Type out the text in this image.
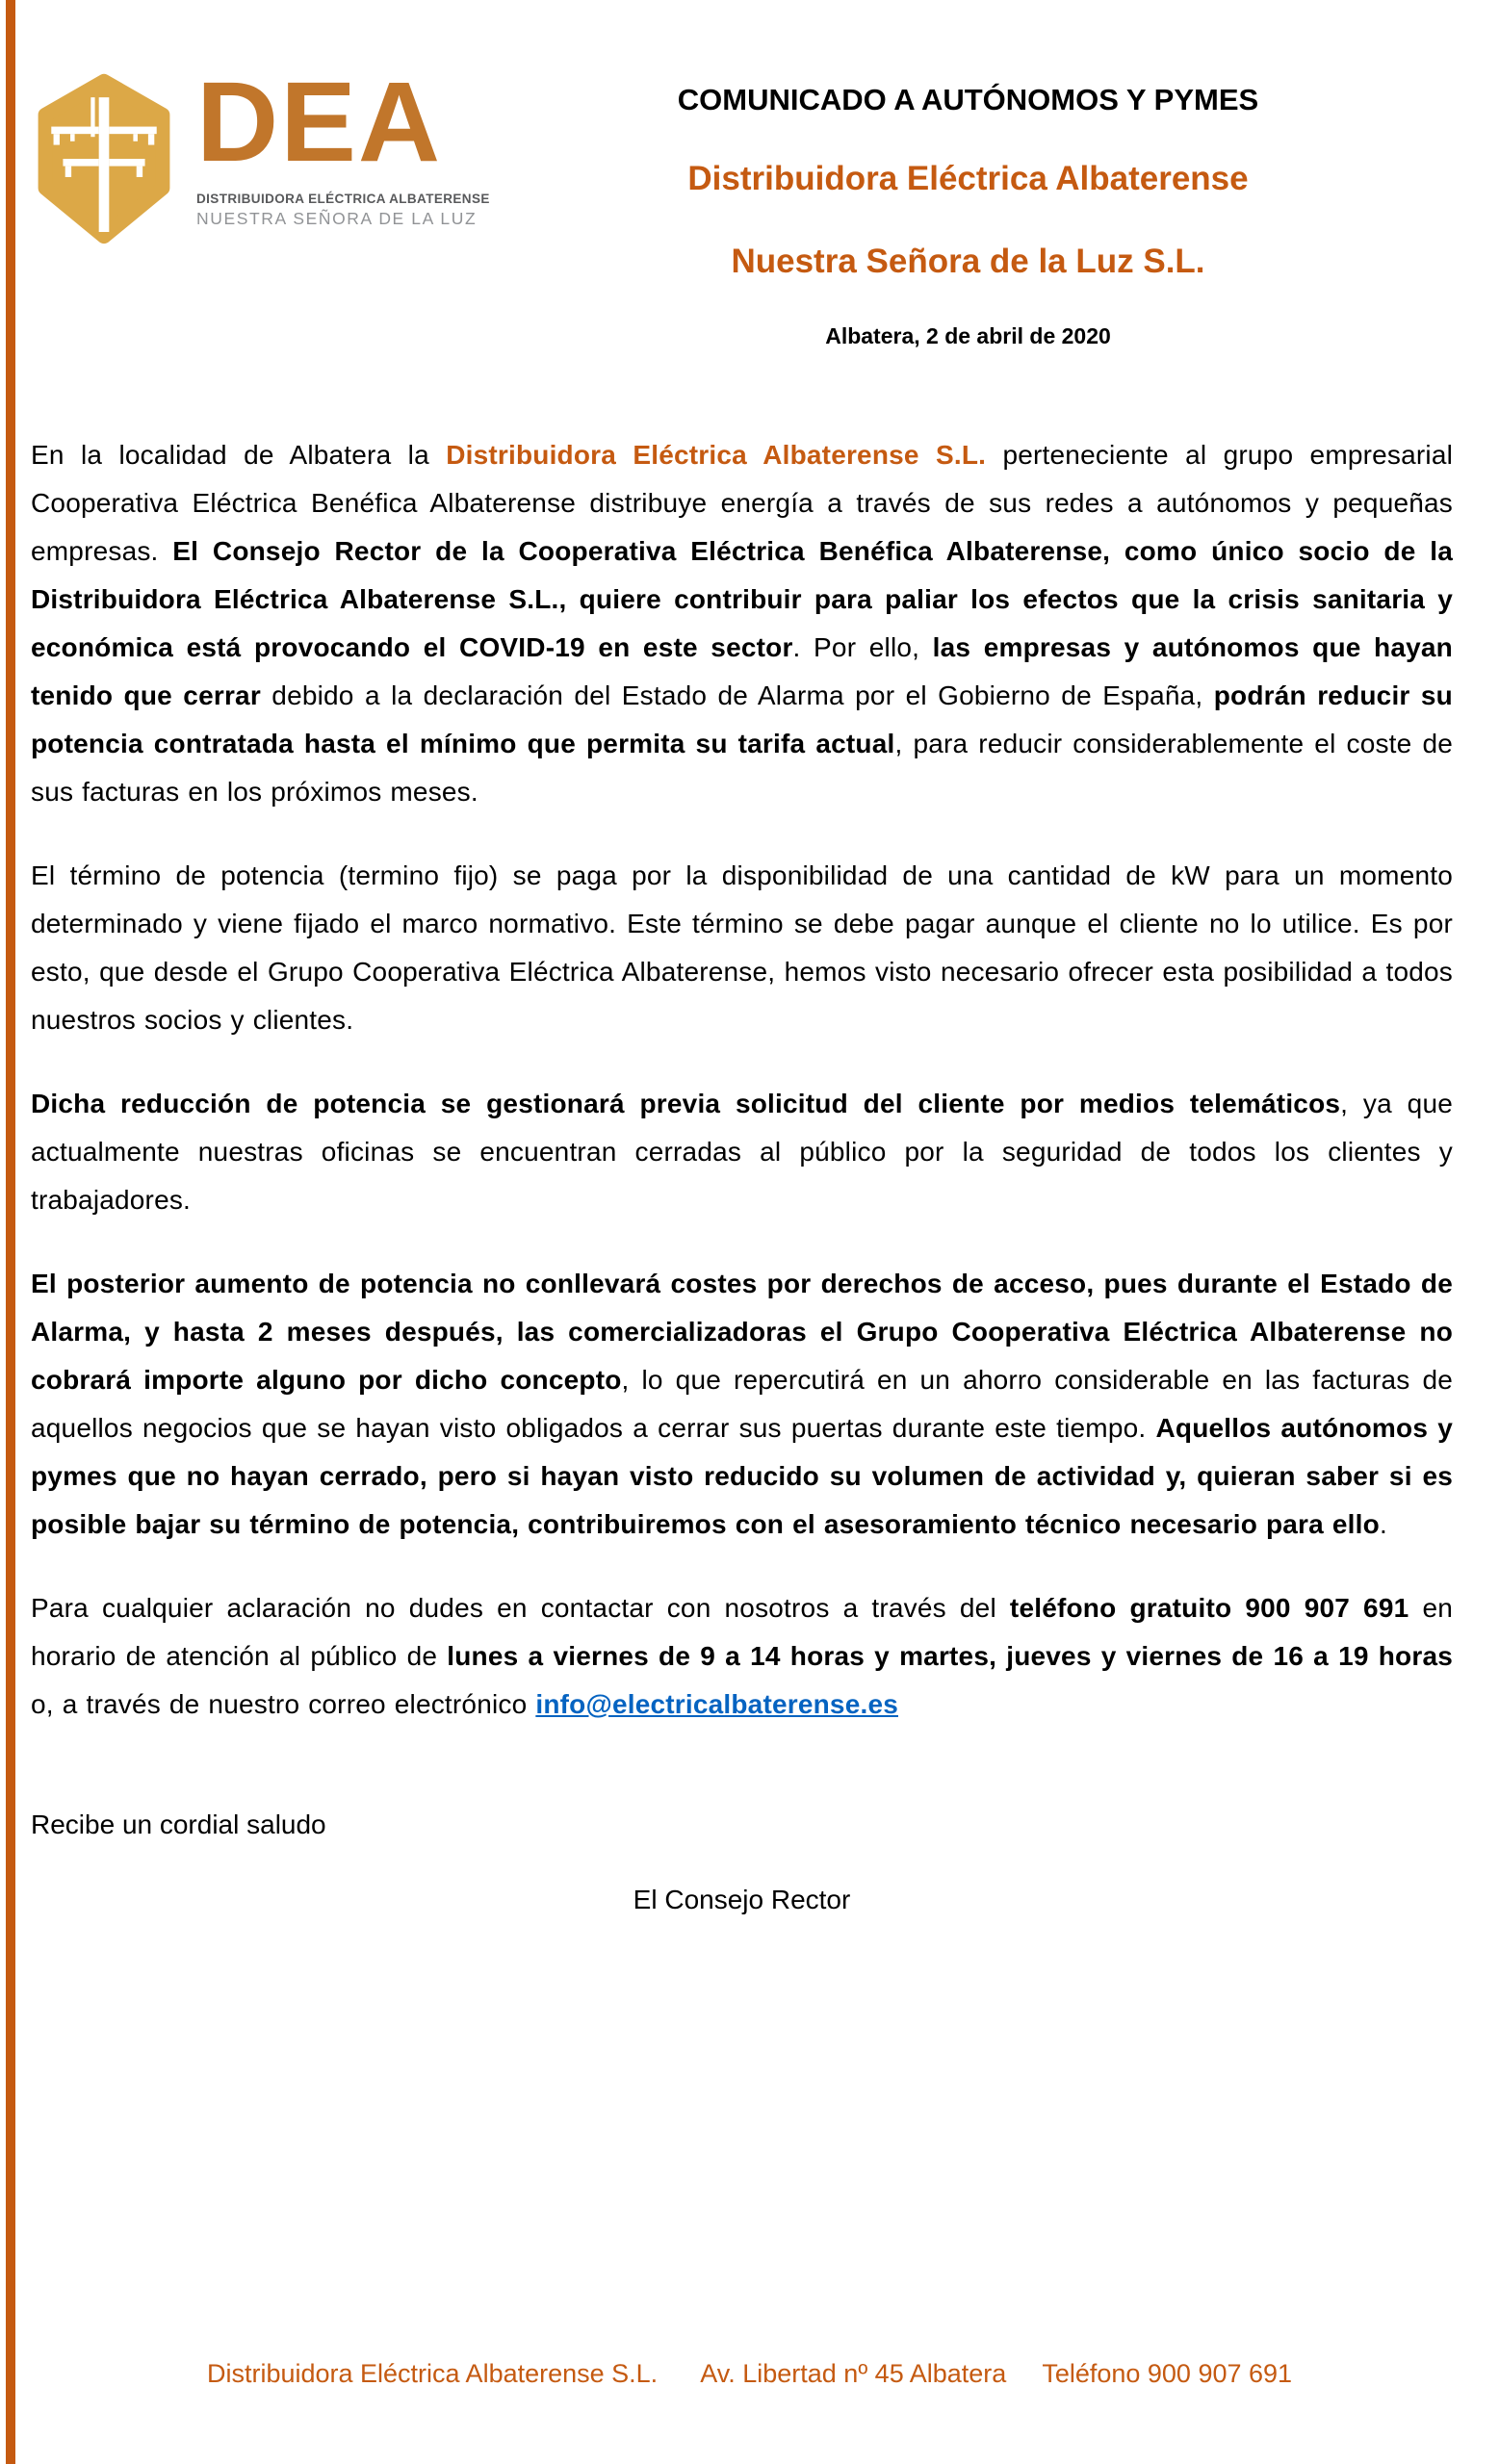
DEA
DISTRIBUIDORA ELÉCTRICA ALBATERENSE
NUESTRA SEÑORA DE LA LUZ
COMUNICADO A AUTÓNOMOS Y PYMES
Distribuidora Eléctrica Albaterense
Nuestra Señora de la Luz S.L.
Albatera, 2 de abril de 2020

En la localidad de Albatera la Distribuidora Eléctrica Albaterense S.L. perteneciente al grupo empresarial Cooperativa Eléctrica Benéfica Albaterense distribuye energía a través de sus redes a autónomos y pequeñas empresas. El Consejo Rector de la Cooperativa Eléctrica Benéfica Albaterense, como único socio de la Distribuidora Eléctrica Albaterense S.L., quiere contribuir para paliar los efectos que la crisis sanitaria y económica está provocando el COVID-19 en este sector. Por ello, las empresas y autónomos que hayan tenido que cerrar debido a la declaración del Estado de Alarma por el Gobierno de España, podrán reducir su potencia contratada hasta el mínimo que permita su tarifa actual, para reducir considerablemente el coste de sus facturas en los próximos meses.

El término de potencia (termino fijo) se paga por la disponibilidad de una cantidad de kW para un momento determinado y viene fijado el marco normativo. Este término se debe pagar aunque el cliente no lo utilice. Es por esto, que desde el Grupo Cooperativa Eléctrica Albaterense, hemos visto necesario ofrecer esta posibilidad a todos nuestros socios y clientes.

Dicha reducción de potencia se gestionará previa solicitud del cliente por medios telemáticos, ya que actualmente nuestras oficinas se encuentran cerradas al público por la seguridad de todos los clientes y trabajadores.

El posterior aumento de potencia no conllevará costes por derechos de acceso, pues durante el Estado de Alarma, y hasta 2 meses después, las comercializadoras el Grupo Cooperativa Eléctrica Albaterense no cobrará importe alguno por dicho concepto, lo que repercutirá en un ahorro considerable en las facturas de aquellos negocios que se hayan visto obligados a cerrar sus puertas durante este tiempo. Aquellos autónomos y pymes que no hayan cerrado, pero si hayan visto reducido su volumen de actividad y, quieran saber si es posible bajar su término de potencia, contribuiremos con el asesoramiento técnico necesario para ello.

Para cualquier aclaración no dudes en contactar con nosotros a través del teléfono gratuito 900 907 691 en horario de atención al público de lunes a viernes de 9 a 14 horas y martes, jueves y viernes de 16 a 19 horas o, a través de nuestro correo electrónico info@electricalbaterense.es

Recibe un cordial saludo

El Consejo Rector

Distribuidora Eléctrica Albaterense S.L. Av. Libertad nº 45 Albatera Teléfono 900 907 691
